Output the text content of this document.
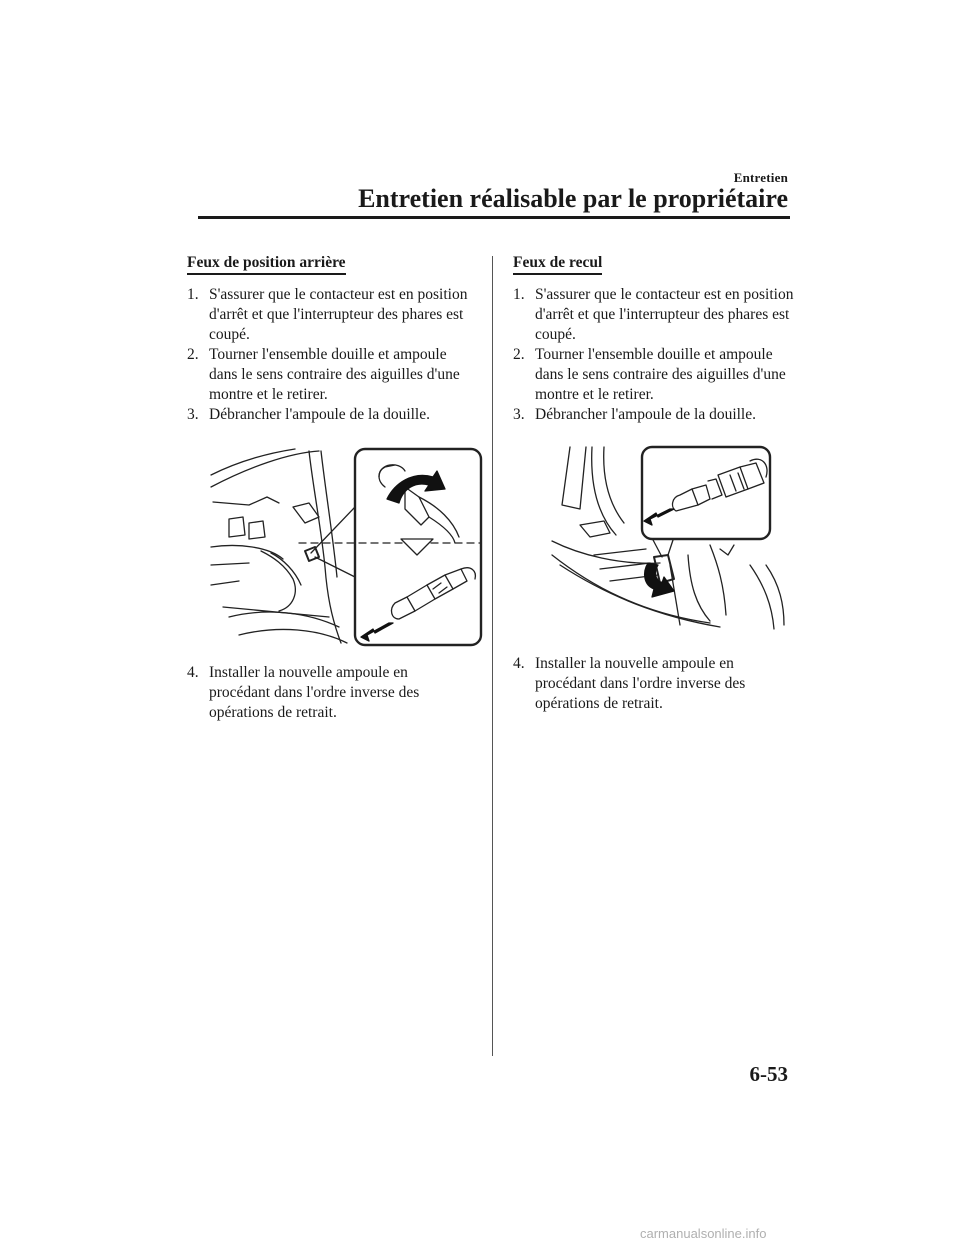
Entretien
Entretien réalisable par le propriétaire
Feux de position arrière
1. S'assurer que le contacteur est en position d'arrêt et que l'interrupteur des phares est coupé.
2. Tourner l'ensemble douille et ampoule dans le sens contraire des aiguilles d'une montre et le retirer.
3. Débrancher l'ampoule de la douille.
4. Installer la nouvelle ampoule en procédant dans l'ordre inverse des opérations de retrait.
Feux de recul
1. S'assurer que le contacteur est en position d'arrêt et que l'interrupteur des phares est coupé.
2. Tourner l'ensemble douille et ampoule dans le sens contraire des aiguilles d'une montre et le retirer.
3. Débrancher l'ampoule de la douille.
4. Installer la nouvelle ampoule en procédant dans l'ordre inverse des opérations de retrait.
6-53
carmanualsonline.info
